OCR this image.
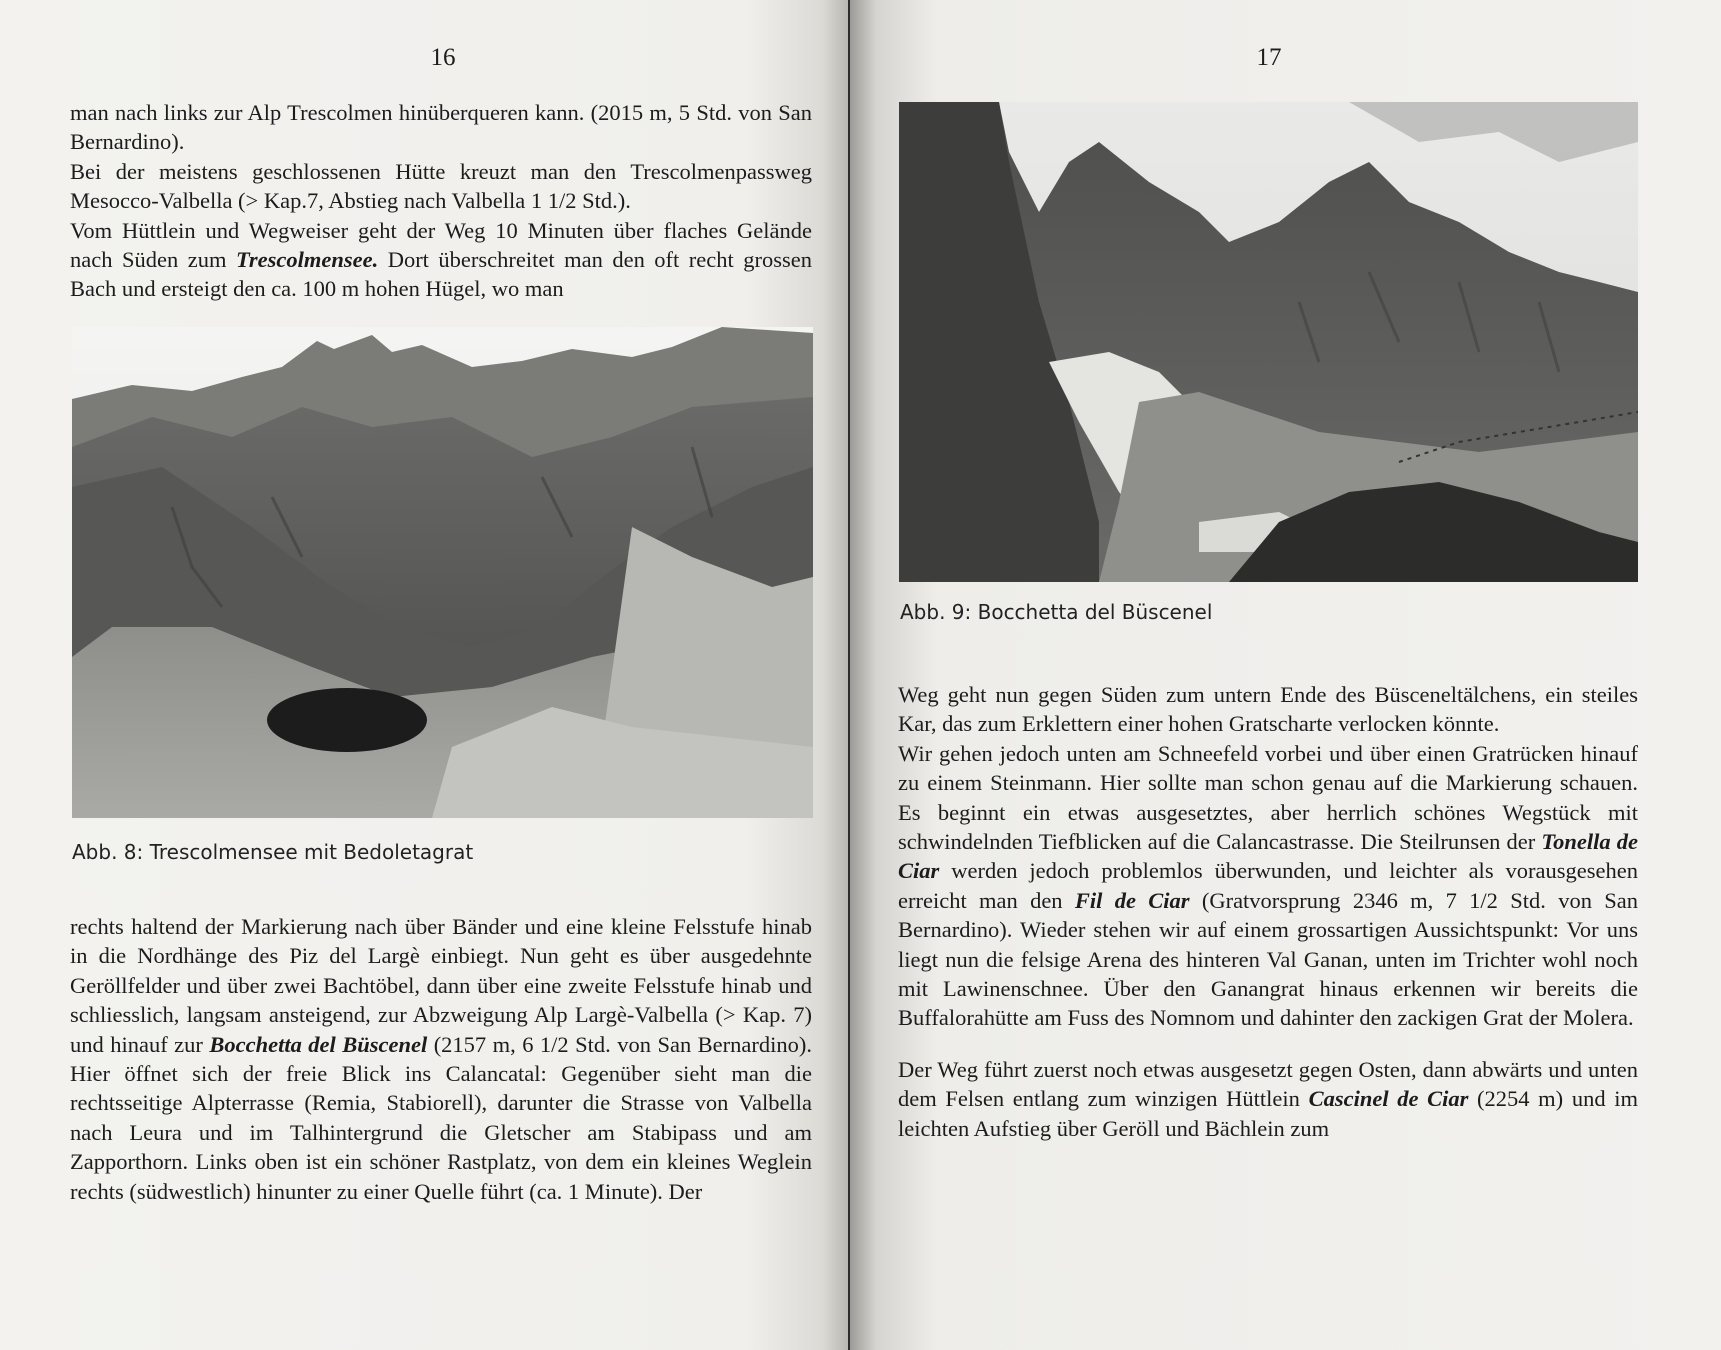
16

man nach links zur Alp Trescolmen hinüberqueren kann. (2015 m, 5 Std. von San Bernardino).

Bei der meistens geschlossenen Hütte kreuzt man den Trescolmenpassweg Mesocco-Valbella (> Kap.7, Abstieg nach Valbella 1 1/2 Std.).

Vom Hüttlein und Wegweiser geht der Weg 10 Minuten über flaches Gelände nach Süden zum Trescolmensee. Dort überschreitet man den oft recht grossen Bach und ersteigt den ca. 100 m hohen Hügel, wo man

Abb. 8: Trescolmensee mit Bedoletagrat

rechts haltend der Markierung nach über Bänder und eine kleine Felsstufe hinab in die Nordhänge des Piz del Largè einbiegt. Nun geht es über ausgedehnte Geröllfelder und über zwei Bachtöbel, dann über eine zweite Felsstufe hinab und schliesslich, langsam ansteigend, zur Abzweigung Alp Largè-Valbella (> Kap. 7) und hinauf zur Bocchetta del Büscenel (2157 m, 6 1/2 Std. von San Bernardino). Hier öffnet sich der freie Blick ins Calancatal: Gegenüber sieht man die rechtsseitige Alpterrasse (Remia, Stabiorell), darunter die Strasse von Valbella nach Leura und im Talhintergrund die Gletscher am Stabipass und am Zapporthorn. Links oben ist ein schöner Rastplatz, von dem ein kleines Weglein rechts (südwestlich) hinunter zu einer Quelle führt (ca. 1 Minute). Der

17
Abb. 9: Bocchetta del Büscenel

Weg geht nun gegen Süden zum untern Ende des Büsceneltälchens, ein steiles Kar, das zum Erklettern einer hohen Gratscharte verlocken könnte.

Wir gehen jedoch unten am Schneefeld vorbei und über einen Gratrücken hinauf zu einem Steinmann. Hier sollte man schon genau auf die Markierung schauen. Es beginnt ein etwas ausgesetztes, aber herrlich schönes Wegstück mit schwindelnden Tiefblicken auf die Calancastrasse. Die Steilrunsen der Tonella de Ciar werden jedoch problemlos überwunden, und leichter als vorausgesehen erreicht man den Fil de Ciar (Gratvorsprung 2346 m, 7 1/2 Std. von San Bernardino). Wieder stehen wir auf einem grossartigen Aussichtspunkt: Vor uns liegt nun die felsige Arena des hinteren Val Ganan, unten im Trichter wohl noch mit Lawinenschnee. Über den Ganangrat hinaus erkennen wir bereits die Buffalorahütte am Fuss des Nomnom und dahinter den zackigen Grat der Molera.

Der Weg führt zuerst noch etwas ausgesetzt gegen Osten, dann abwärts und unten dem Felsen entlang zum winzigen Hüttlein Cascinel de Ciar (2254 m) und im leichten Aufstieg über Geröll und Bächlein zum
